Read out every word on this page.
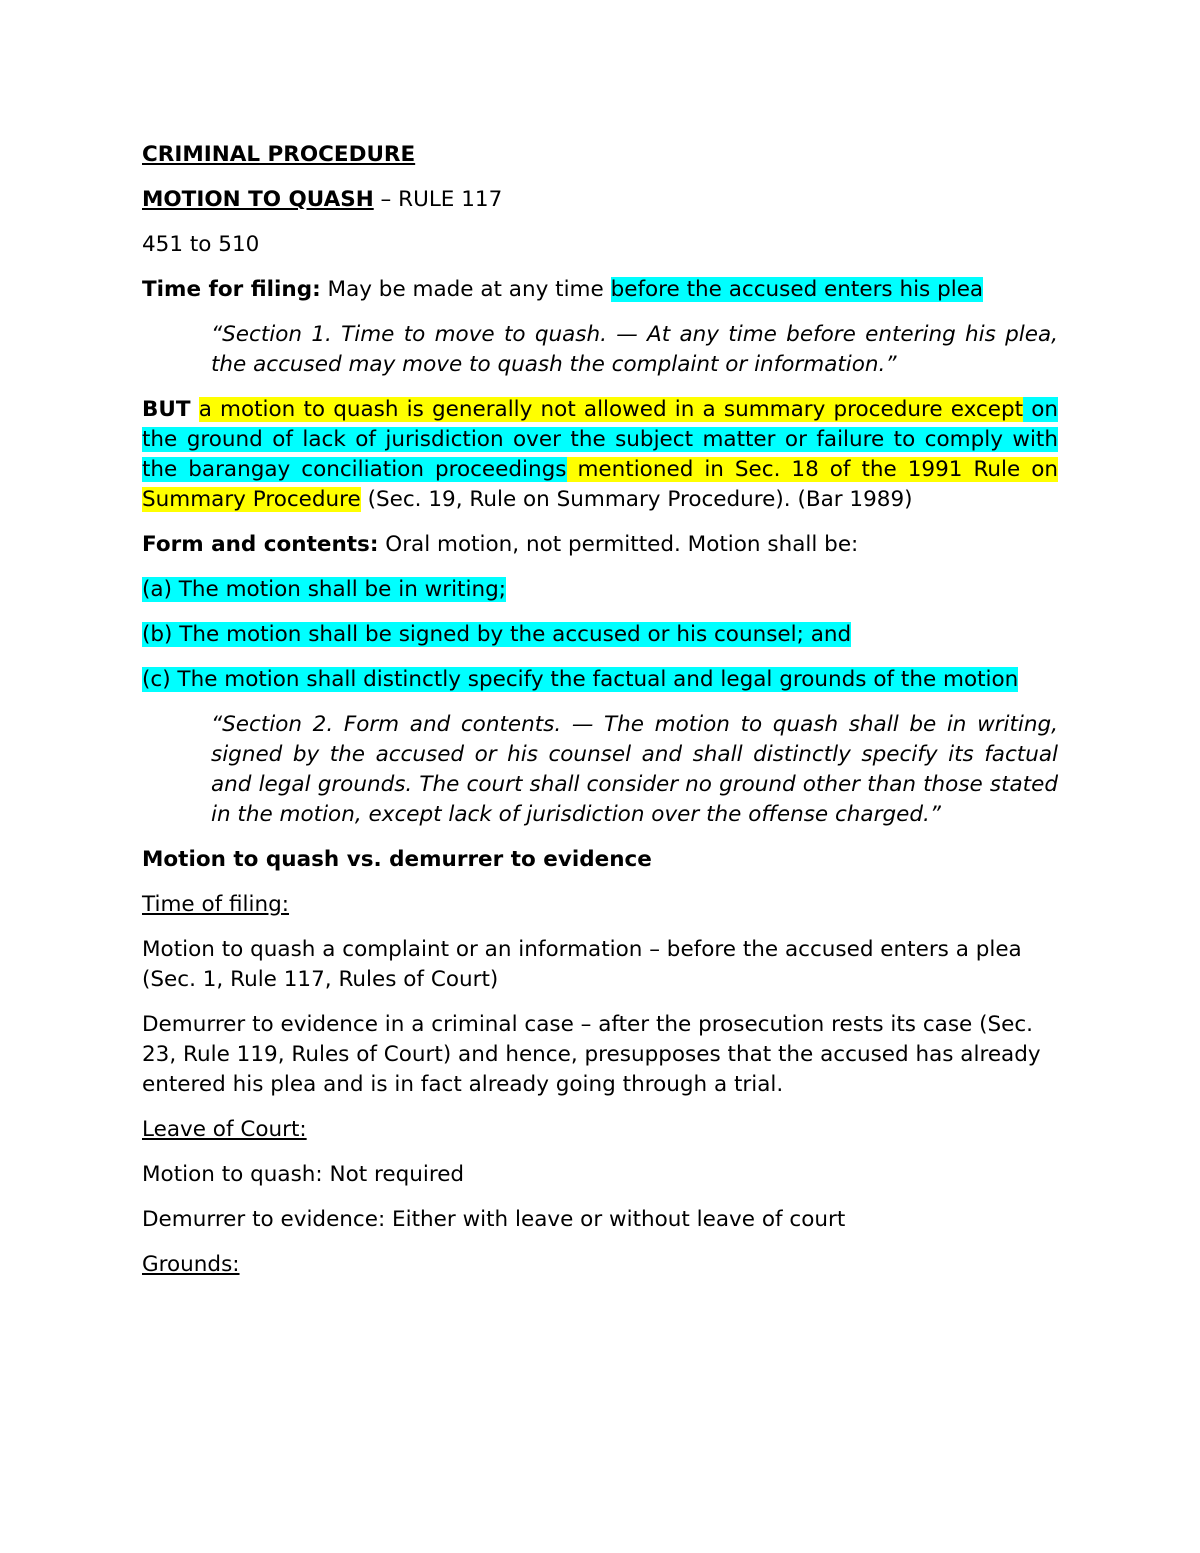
CRIMINAL PROCEDURE

MOTION TO QUASH – RULE 117

451 to 510

Time for filing: May be made at any time before the accused enters his plea

“Section 1. Time to move to quash. — At any time before entering his plea, the accused may move to quash the complaint or information.”

BUT a motion to quash is generally not allowed in a summary procedure except on the ground of lack of jurisdiction over the subject matter or failure to comply with the barangay conciliation proceedings mentioned in Sec. 18 of the 1991 Rule on Summary Procedure (Sec. 19, Rule on Summary Procedure). (Bar 1989)

Form and contents: Oral motion, not permitted. Motion shall be:

(a) The motion shall be in writing;

(b) The motion shall be signed by the accused or his counsel; and

(c) The motion shall distinctly specify the factual and legal grounds of the motion

“Section 2. Form and contents. — The motion to quash shall be in writing, signed by the accused or his counsel and shall distinctly specify its factual and legal grounds. The court shall consider no ground other than those stated in the motion, except lack of jurisdiction over the offense charged.”

Motion to quash vs. demurrer to evidence

Time of filing:

Motion to quash a complaint or an information – before the accused enters a plea (Sec. 1, Rule 117, Rules of Court)

Demurrer to evidence in a criminal case – after the prosecution rests its case (Sec. 23, Rule 119, Rules of Court) and hence, presupposes that the accused has already entered his plea and is in fact already going through a trial.

Leave of Court:

Motion to quash: Not required

Demurrer to evidence: Either with leave or without leave of court

Grounds:
